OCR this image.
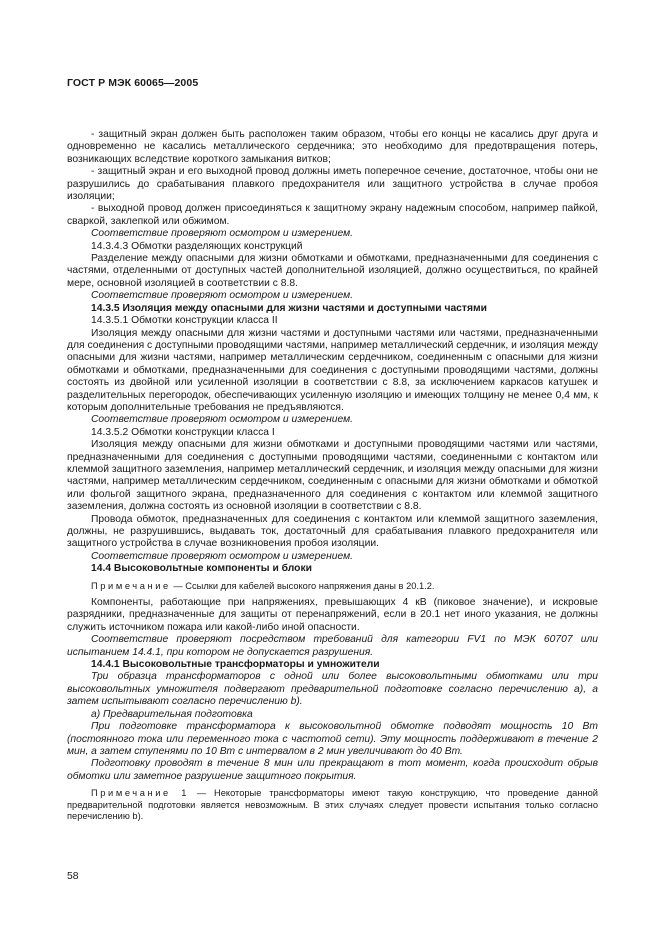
ГОСТ Р МЭК 60065—2005

- защитный экран должен быть расположен таким образом, чтобы его концы не касались друг друга и одновременно не касались металлического сердечника; это необходимо для предотвращения потерь, возникающих вследствие короткого замыкания витков;

- защитный экран и его выходной провод должны иметь поперечное сечение, достаточное, чтобы они не разрушились до срабатывания плавкого предохранителя или защитного устройства в случае пробоя изоляции;

- выходной провод должен присоединяться к защитному экрану надежным способом, например пайкой, сваркой, заклепкой или обжимом.

Соответствие проверяют осмотром и измерением.

14.3.4.3 Обмотки разделяющих конструкций

Разделение между опасными для жизни обмотками и обмотками, предназначенными для соединения с частями, отделенными от доступных частей дополнительной изоляцией, должно осуществиться, по крайней мере, основной изоляцией в соответствии с 8.8.

Соответствие проверяют осмотром и измерением.

14.3.5 Изоляция между опасными для жизни частями и доступными частями

14.3.5.1 Обмотки конструкции класса II

Изоляция между опасными для жизни частями и доступными частями или частями, предназначенными для соединения с доступными проводящими частями, например металлический сердечник, и изоляция между опасными для жизни частями, например металлическим сердечником, соединенным с опасными для жизни обмотками и обмотками, предназначенными для соединения с доступными проводящими частями, должны состоять из двойной или усиленной изоляции в соответствии с 8.8, за исключением каркасов катушек и разделительных перегородок, обеспечивающих усиленную изоляцию и имеющих толщину не менее 0,4 мм, к которым дополнительные требования не предъявляются.

Соответствие проверяют осмотром и измерением.

14.3.5.2 Обмотки конструкции класса I

Изоляция между опасными для жизни обмотками и доступными проводящими частями или частями, предназначенными для соединения с доступными проводящими частями, соединенными с контактом или клеммой защитного заземления, например металлический сердечник, и изоляция между опасными для жизни частями, например металлическим сердечником, соединенным с опасными для жизни обмотками и обмоткой или фольгой защитного экрана, предназначенного для соединения с контактом или клеммой защитного заземления, должна состоять из основной изоляции в соответствии с 8.8.

Провода обмоток, предназначенных для соединения с контактом или клеммой защитного заземления, должны, не разрушившись, выдавать ток, достаточный для срабатывания плавкого предохранителя или защитного устройства в случае возникновения пробоя изоляции.

Соответствие проверяют осмотром и измерением.

14.4 Высоковольтные компоненты и блоки

Примечание — Ссылки для кабелей высокого напряжения даны в 20.1.2.

Компоненты, работающие при напряжениях, превышающих 4 кВ (пиковое значение), и искровые разрядники, предназначенные для защиты от перенапряжений, если в 20.1 нет иного указания, не должны служить источником пожара или какой-либо иной опасности.

Соответствие проверяют посредством требований для категории FV1 по МЭК 60707 или испытанием 14.4.1, при котором не допускается разрушения.

14.4.1 Высоковольтные трансформаторы и умножители

Три образца трансформаторов с одной или более высоковольтными обмотками или три высоковольтных умножителя подвергают предварительной подготовке согласно перечислению а), а затем испытывают согласно перечислению b).

а) Предварительная подготовка

При подготовке трансформатора к высоковольтной обмотке подводят мощность 10 Вт (постоянного тока или переменного тока с частотой сети). Эту мощность поддерживают в течение 2 мин, а затем ступенями по 10 Вт с интервалом в 2 мин увеличивают до 40 Вт.

Подготовку проводят в течение 8 мин или прекращают в тот момент, когда происходит обрыв обмотки или заметное разрушение защитного покрытия.

Примечание 1 — Некоторые трансформаторы имеют такую конструкцию, что проведение данной предварительной подготовки является невозможным. В этих случаях следует провести испытания только согласно перечислению b).

58
